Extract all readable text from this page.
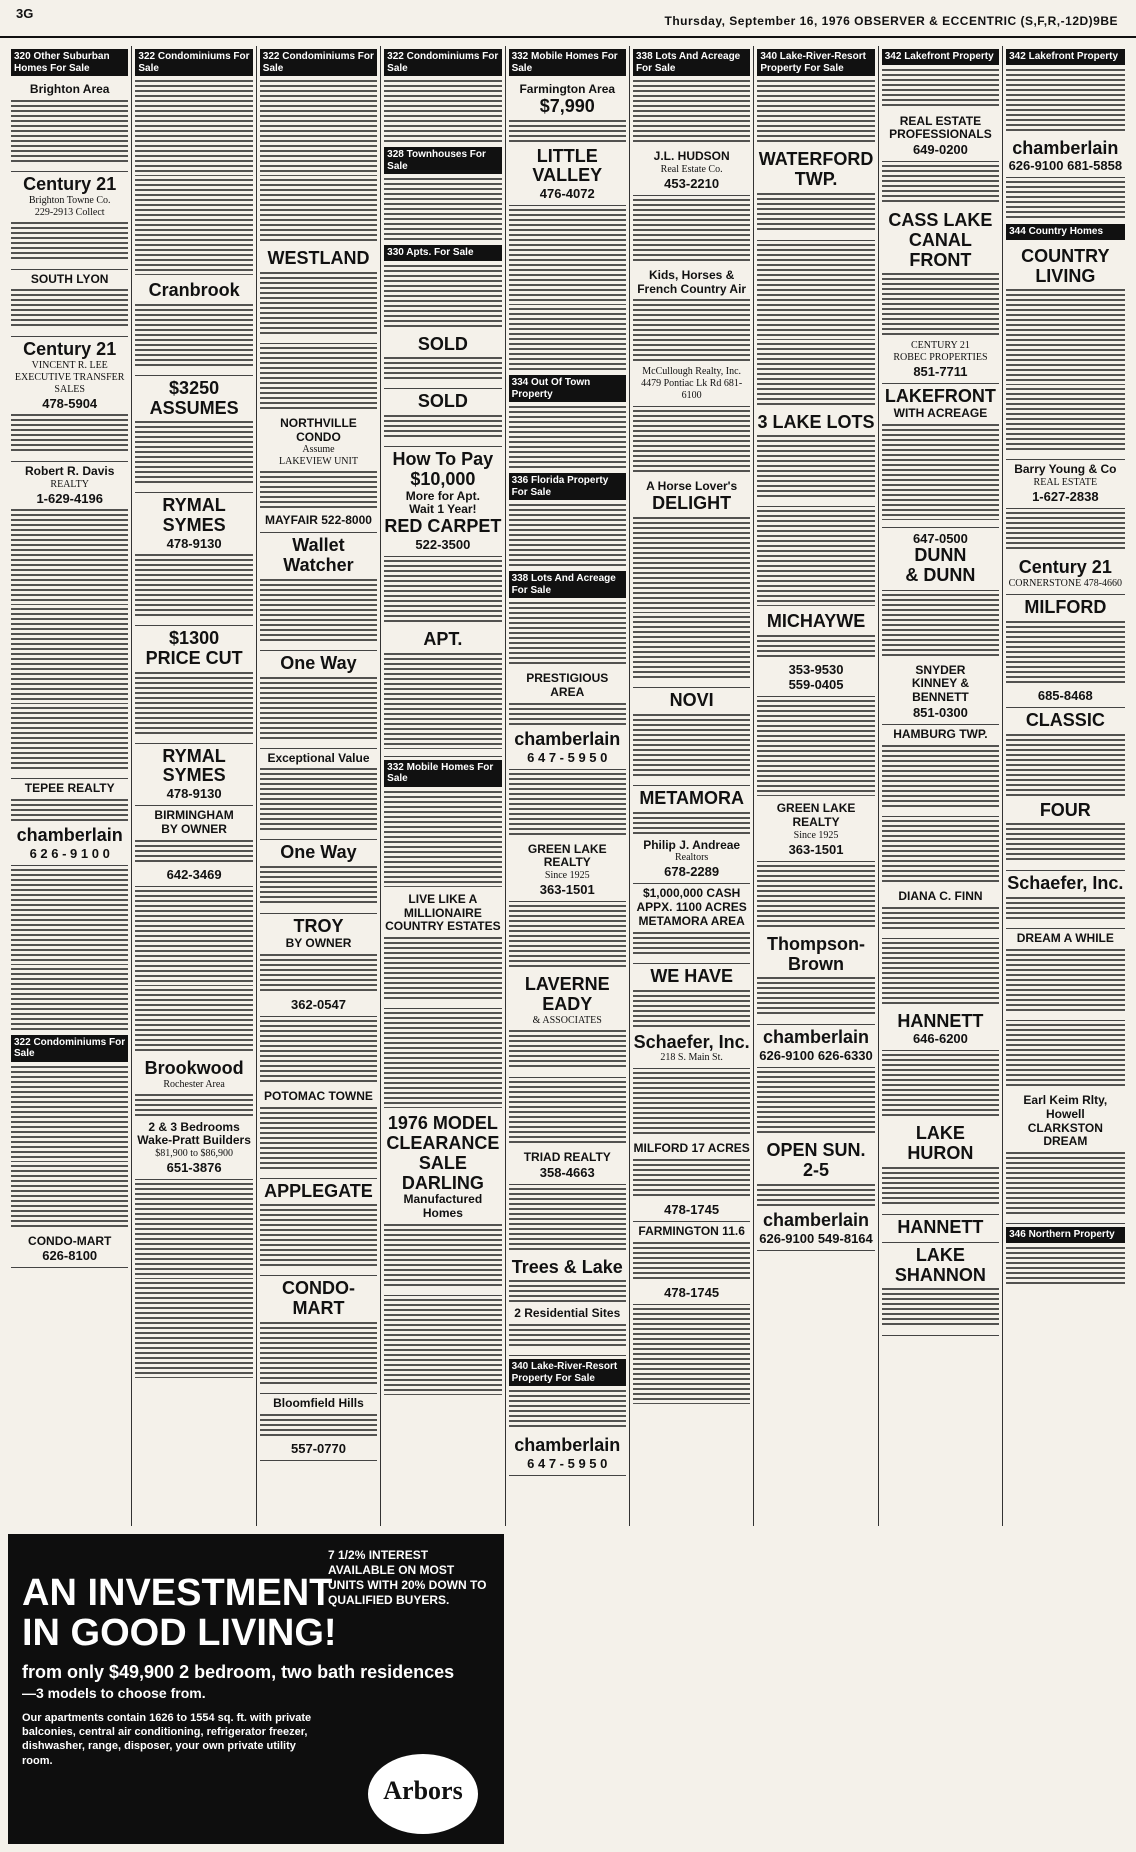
3G	Thursday, September 16, 1976 OBSERVER & ECCENTRIC (S,F,R,-12D)9BE
320 Other Suburban Homes For Sale
Brighton Area
Century 21
Brighton Towne Co.
229-2913 Collect
SOUTH LYON
Century 21
VINCENT R. LEE
EXECUTIVE TRANSFER SALES
478-5904
Robert R. Davis
REALTY
1-629-4196
TEPEE REALTY
chamberlain
6 2 6 - 9 1 0 0
322 Condominiums For Sale
CONDO-MART
626-8100
322 Condominiums For Sale
Cranbrook
$3250
ASSUMES
RYMAL
SYMES
478-9130
$1300
PRICE CUT
RYMAL
SYMES
478-9130
BIRMINGHAM
BY OWNER
642-3469
Brookwood
Rochester Area
2 & 3 Bedrooms
Wake-Pratt Builders
$81,900 to $86,900
651-3876
322 Condominiums For Sale
WESTLAND
NORTHVILLE CONDO
Assume
LAKEVIEW UNIT
MAYFAIR 522-8000
Wallet Watcher
One Way
Exceptional Value
One Way
TROY
BY OWNER
362-0547
POTOMAC TOWNE
APPLEGATE
CONDO-MART
Bloomfield Hills
557-0770
322 Condominiums For Sale
328 Townhouses For Sale
330 Apts. For Sale
SOLD
SOLD
How To Pay
$10,000
More for Apt.
Wait 1 Year!
RED CARPET
522-3500
APT.
332 Mobile Homes For Sale
LIVE LIKE A MILLIONAIRE
COUNTRY ESTATES
1976 MODEL
CLEARANCE
SALE
DARLING
Manufactured Homes
332 Mobile Homes For Sale
Farmington Area
$7,990
LITTLE VALLEY
476-4072
334 Out Of Town Property
336 Florida Property For Sale
338 Lots And Acreage For Sale
PRESTIGIOUS AREA
chamberlain
6 4 7 - 5 9 5 0
GREEN LAKE REALTY
Since 1925
363-1501
LAVERNE EADY
& ASSOCIATES
TRIAD REALTY
358-4663
Trees & Lake
2 Residential Sites
340 Lake-River-Resort Property For Sale
chamberlain
6 4 7 - 5 9 5 0
338 Lots And Acreage For Sale
J.L. HUDSON
Real Estate Co.
453-2210
Kids, Horses &
French Country Air
McCullough Realty, Inc.
4479 Pontiac Lk Rd 681-6100
A Horse Lover's
DELIGHT
NOVI
METAMORA
Philip J. Andreae
Realtors
678-2289
$1,000,000 CASH
APPX. 1100 ACRES
METAMORA AREA
WE HAVE
Schaefer, Inc.
218 S. Main St.
MILFORD 17 ACRES
478-1745
FARMINGTON 11.6
478-1745
340 Lake-River-Resort Property For Sale
WATERFORD TWP.
3 LAKE LOTS
MICHAYWE
353-9530
559-0405
GREEN LAKE REALTY
Since 1925
363-1501
Thompson-
Brown
chamberlain
626-9100 626-6330
OPEN SUN. 2-5
chamberlain
626-9100 549-8164
342 Lakefront Property
REAL ESTATE
PROFESSIONALS
649-0200
CASS LAKE
CANAL FRONT
CENTURY 21
ROBEC PROPERTIES
851-7711
LAKEFRONT
WITH ACREAGE
647-0500
DUNN
& DUNN
SNYDER
KINNEY &
BENNETT
851-0300
HAMBURG TWP.
DIANA C. FINN
HANNETT
646-6200
LAKE HURON
HANNETT
LAKE SHANNON
342 Lakefront Property
chamberlain
626-9100 681-5858
344 Country Homes
COUNTRY LIVING
Barry Young & Co
REAL ESTATE
1-627-2838
Century 21
CORNERSTONE 478-4660
MILFORD
685-8468
CLASSIC
FOUR
Schaefer, Inc.
DREAM A WHILE
Earl Keim Rlty, Howell
CLARKSTON DREAM
346 Northern Property
AN INVESTMENT
IN GOOD LIVING!
from only $49,900 2 bedroom, two bath residences
—3 models to choose from.
Our apartments contain 1626 to 1554 sq. ft. with private balconies, central air conditioning, refrigerator freezer, dishwasher, range, disposer, your own private utility room.
7 1/2% INTEREST AVAILABLE ON MOST UNITS WITH 20% DOWN TO QUALIFIED BUYERS.
Arbors
